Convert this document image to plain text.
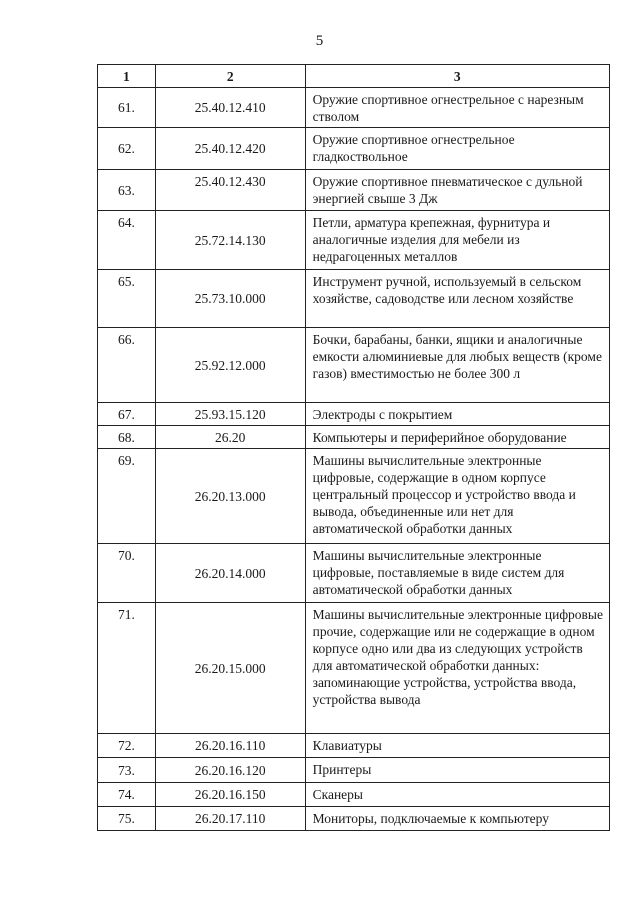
5
1	2	3
61.	25.40.12.410	Оружие спортивное огнестрельное с нарезным стволом
62.	25.40.12.420	Оружие спортивное огнестрельное гладкоствольное
63.	25.40.12.430	Оружие спортивное пневматическое с дульной энергией свыше 3 Дж
64.	25.72.14.130	Петли, арматура крепежная, фурнитура и аналогичные изделия для мебели из недрагоценных металлов
65.	25.73.10.000	Инструмент ручной, используемый в сельском хозяйстве, садоводстве или лесном хозяйстве
66.	25.92.12.000	Бочки, барабаны, банки, ящики и аналогичные емкости алюминиевые для любых веществ (кроме газов) вместимостью не более 300 л
67.	25.93.15.120	Электроды с покрытием
68.	26.20	Компьютеры и периферийное оборудование
69.	26.20.13.000	Машины вычислительные электронные цифровые, содержащие в одном корпусе центральный процессор и устройство ввода и вывода, объединенные или нет для автоматической обработки данных
70.	26.20.14.000	Машины вычислительные электронные цифровые, поставляемые в виде систем для автоматической обработки данных
71.	26.20.15.000	Машины вычислительные электронные цифровые прочие, содержащие или не содержащие в одном корпусе одно или два из следующих устройств для автоматической обработки данных: запоминающие устройства, устройства ввода, устройства вывода
72.	26.20.16.110	Клавиатуры
73.	26.20.16.120	Принтеры
74.	26.20.16.150	Сканеры
75.	26.20.17.110	Мониторы, подключаемые к компьютеру
